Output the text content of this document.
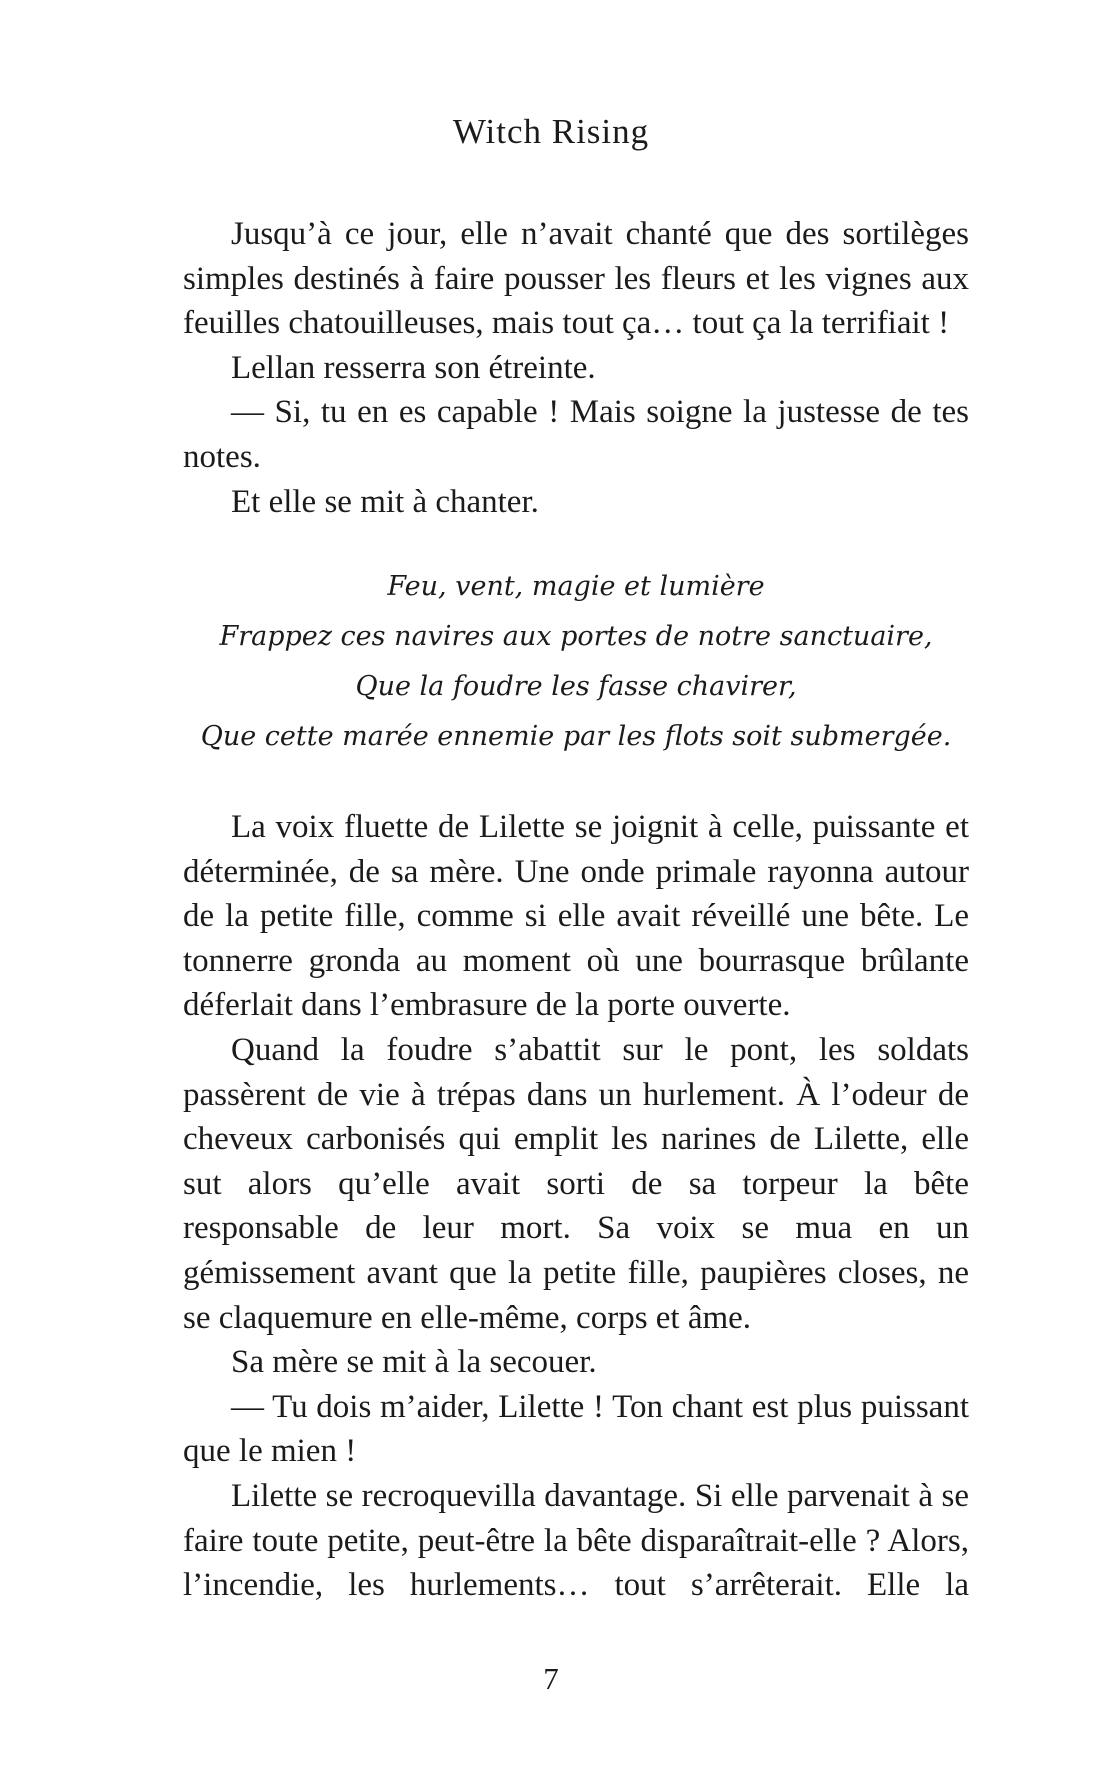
Witch Rising

Jusqu’à ce jour, elle n’avait chanté que des sortilèges simples destinés à faire pousser les fleurs et les vignes aux feuilles chatouilleuses, mais tout ça… tout ça la terrifiait !

Lellan resserra son étreinte.

— Si, tu en es capable ! Mais soigne la justesse de tes notes.

Et elle se mit à chanter.

Feu, vent, magie et lumière
Frappez ces navires aux portes de notre sanctuaire,
Que la foudre les fasse chavirer,
Que cette marée ennemie par les flots soit submergée.

La voix fluette de Lilette se joignit à celle, puissante et déterminée, de sa mère. Une onde primale rayonna autour de la petite fille, comme si elle avait réveillé une bête. Le tonnerre gronda au moment où une bourrasque brûlante déferlait dans l’embrasure de la porte ouverte.

Quand la foudre s’abattit sur le pont, les soldats passèrent de vie à trépas dans un hurlement. À l’odeur de cheveux carbonisés qui emplit les narines de Lilette, elle sut alors qu’elle avait sorti de sa torpeur la bête responsable de leur mort. Sa voix se mua en un gémissement avant que la petite fille, paupières closes, ne se claquemure en elle-même, corps et âme.

Sa mère se mit à la secouer.

— Tu dois m’aider, Lilette ! Ton chant est plus puissant que le mien !

Lilette se recroquevilla davantage. Si elle parvenait à se faire toute petite, peut-être la bête disparaîtrait-elle ? Alors, l’incendie, les hurlements… tout s’arrêterait. Elle la

7
